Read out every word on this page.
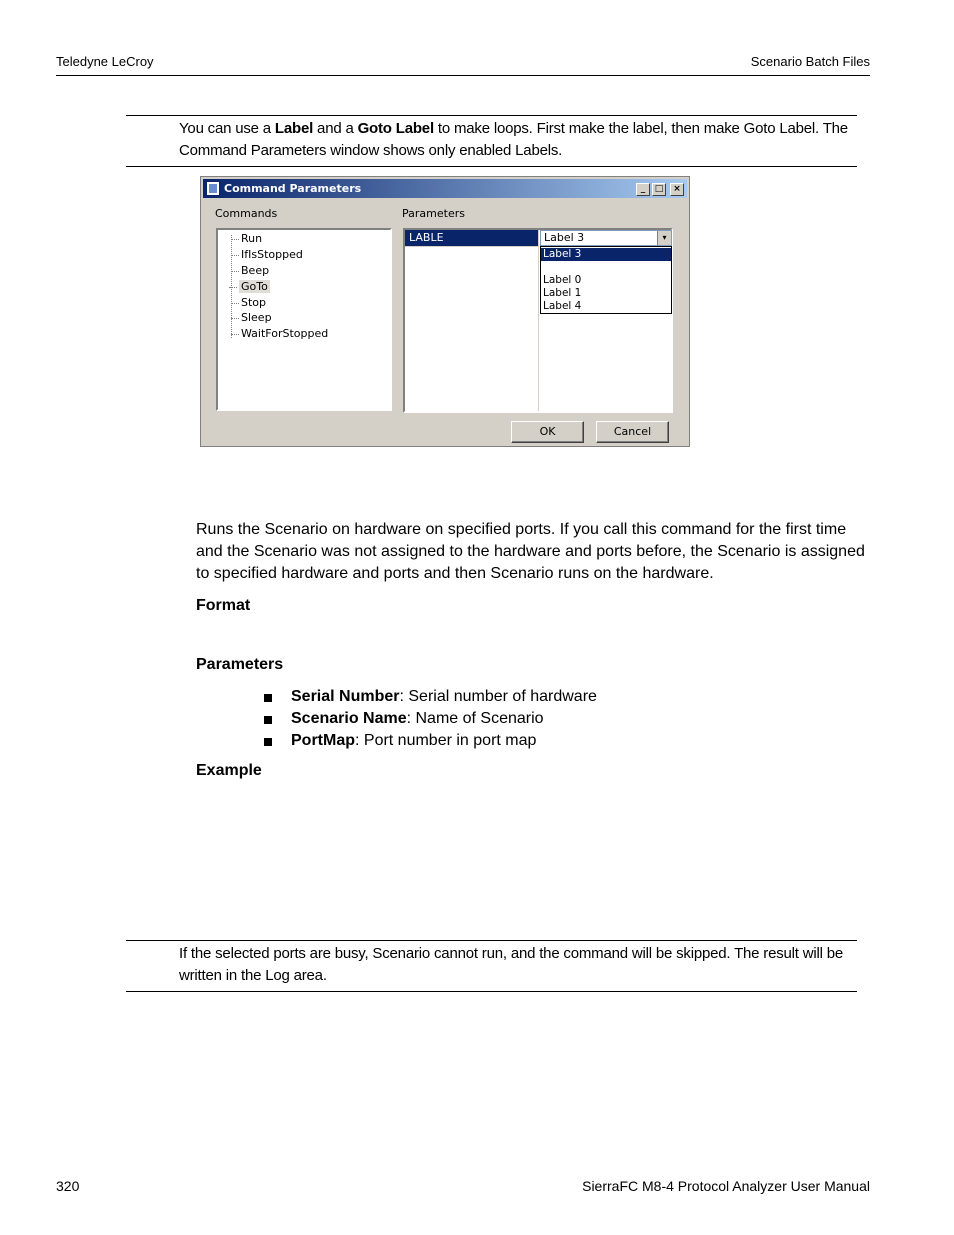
Teledyne LeCroy	Scenario Batch Files
You can use a Label and a Goto Label to make loops. First make the label, then make Goto Label. The Command Parameters window shows only enabled Labels.
Command Parameters	_	□	×
Commands	Parameters
Run
IfIsStopped
Beep
GoTo
Stop
Sleep
WaitForStopped
LABLE	Label 3	▾
Label 3
Label 0
Label 1
Label 4
OK	Cancel
Runs the Scenario on hardware on specified ports. If you call this command for the first time and the Scenario was not assigned to the hardware and ports before, the Scenario is assigned to specified hardware and ports and then Scenario runs on the hardware.
Format
Parameters
Serial Number: Serial number of hardware
Scenario Name: Name of Scenario
PortMap: Port number in port map
Example
If the selected ports are busy, Scenario cannot run, and the command will be skipped. The result will be written in the Log area.
320	SierraFC M8-4 Protocol Analyzer User Manual
